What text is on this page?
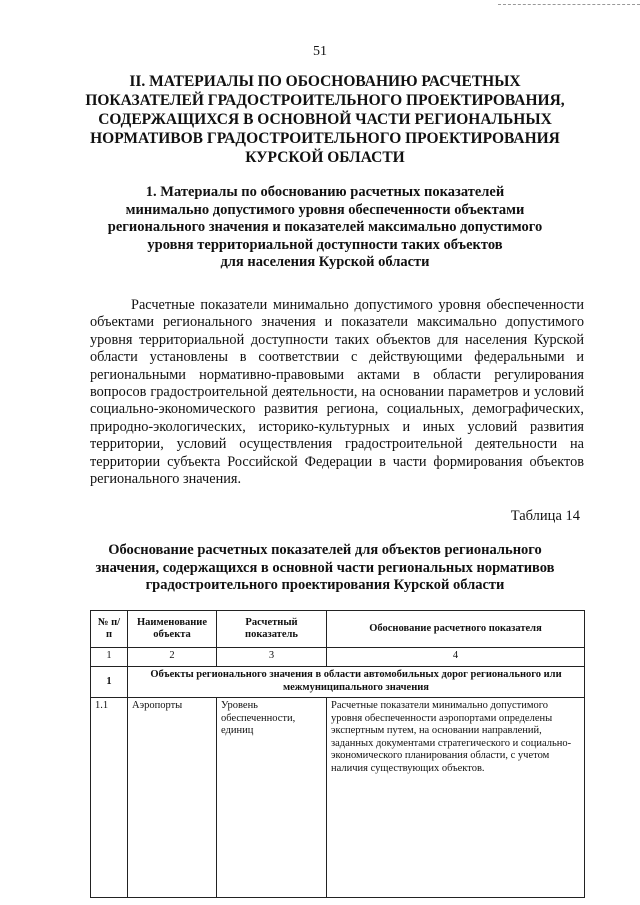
51
II. МАТЕРИАЛЫ ПО ОБОСНОВАНИЮ РАСЧЕТНЫХ
ПОКАЗАТЕЛЕЙ ГРАДОСТРОИТЕЛЬНОГО ПРОЕКТИРОВАНИЯ,
СОДЕРЖАЩИХСЯ В ОСНОВНОЙ ЧАСТИ РЕГИОНАЛЬНЫХ
НОРМАТИВОВ ГРАДОСТРОИТЕЛЬНОГО ПРОЕКТИРОВАНИЯ
КУРСКОЙ ОБЛАСТИ
1. Материалы по обоснованию расчетных показателей
минимально допустимого уровня обеспеченности объектами
регионального значения и показателей максимально допустимого
уровня территориальной доступности таких объектов
для населения Курской области

Расчетные показатели минимально допустимого уровня обеспеченности объектами регионального значения и показатели максимально допустимого уровня территориальной доступности таких объектов для населения Курской области установлены в соответствии с действующими федеральными и региональными нормативно-правовыми актами в области регулирования вопросов градостроительной деятельности, на основании параметров и условий социально-экономического развития региона, социальных, демографических, природно-экологических, историко-культурных и иных условий развития территории, условий осуществления градостроительной деятельности на территории субъекта Российской Федерации в части формирования объектов регионального значения.

Таблица 14
Обоснование расчетных показателей для объектов регионального
значения, содержащихся в основной части региональных нормативов
градостроительного проектирования Курской области
№ п/п	Наименование объекта	Расчетный показатель	Обоснование расчетного показателя
1	2	3	4
1	Объекты регионального значения в области автомобильных дорог регионального или межмуниципального значения		
1.1	Аэропорты	Уровень обеспеченности, единиц	Расчетные показатели минимально допустимого уровня обеспеченности аэропортами определены экспертным путем, на основании направлений, заданных документами стратегического и социально-экономического планирования области, с учетом наличия существующих объектов.
